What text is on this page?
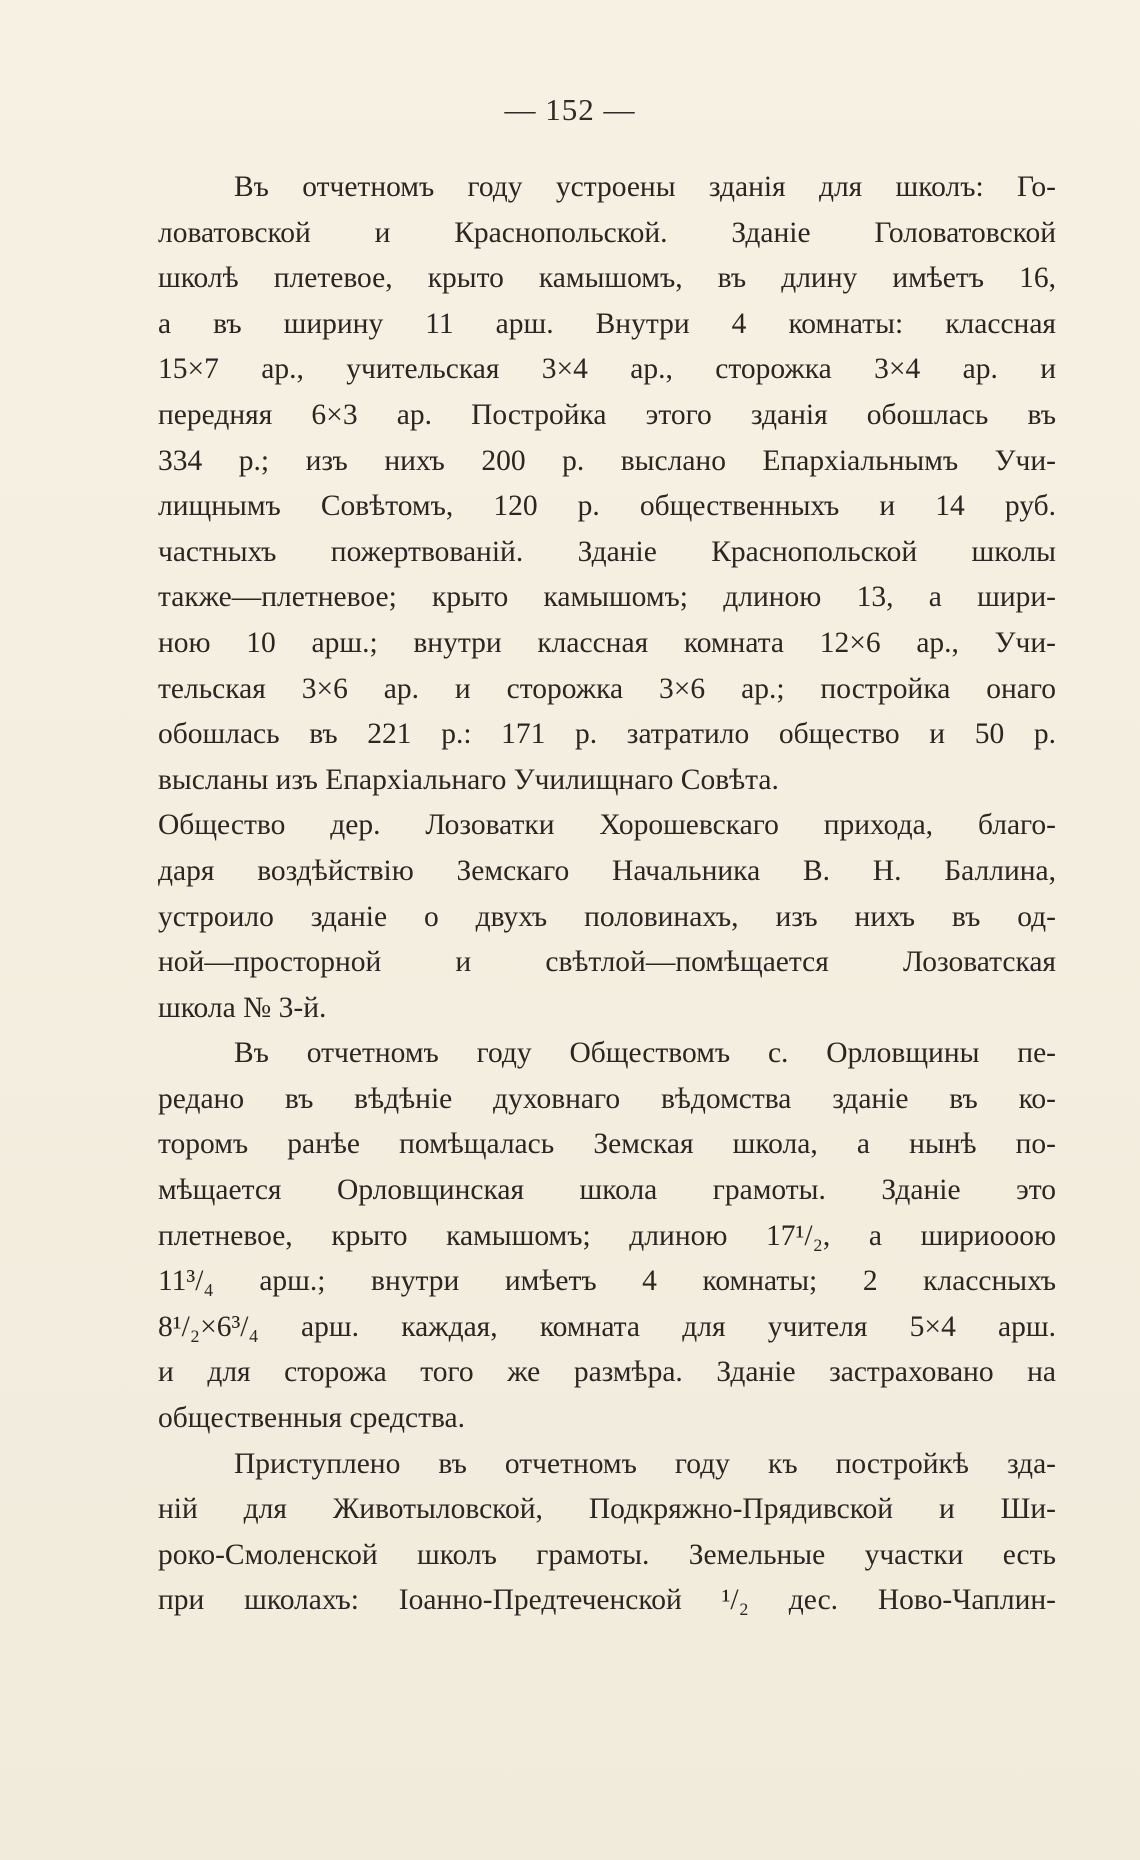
— 152 —
Въ отчетномъ году устроены зданія для школъ: Го-
ловатовской и Краснопольской. Зданіе Головатовской
школѣ плетевое, крыто камышомъ, въ длину имѣетъ 16,
а въ ширину 11 арш. Внутри 4 комнаты: классная
15×7 ар., учительская 3×4 ар., сторожка 3×4 ар. и
передняя 6×3 ар. Постройка этого зданія обошлась въ
334 р.; изъ нихъ 200 р. выслано Епархіальнымъ Учи-
лищнымъ Совѣтомъ, 120 р. общественныхъ и 14 руб.
частныхъ пожертвованій. Зданіе Краснопольской школы
также—плетневое; крыто камышомъ; длиною 13, а шири-
ною 10 арш.; внутри классная комната 12×6 ар., Учи-
тельская 3×6 ар. и сторожка 3×6 ар.; постройка онаго
обошлась въ 221 р.: 171 р. затратило общество и 50 р.
высланы изъ Епархіальнаго Училищнаго Совѣта.
Общество дер. Лозоватки Хорошевскаго прихода, благо-
даря воздѣйствію Земскаго Начальника В. Н. Баллина,
устроило зданіе о двухъ половинахъ, изъ нихъ въ од-
ной—просторной и свѣтлой—помѣщается Лозоватская
школа № 3-й.
Въ отчетномъ году Обществомъ с. Орловщины пе-
редано въ вѣдѣніе духовнаго вѣдомства зданіе въ ко-
торомъ ранѣе помѣщалась Земская школа, а нынѣ по-
мѣщается Орловщинская школа грамоты. Зданіе это
плетневое, крыто камышомъ; длиною 17¹/₂, а шириооою
11³/₄ арш.; внутри имѣетъ 4 комнаты; 2 классныхъ
8¹/₂×6³/₄ арш. каждая, комната для учителя 5×4 арш.
и для сторожа того же размѣра. Зданіе застраховано на
общественныя средства.
Приступлено въ отчетномъ году къ постройкѣ зда-
ній для Животыловской, Подкряжно-Прядивской и Ши-
роко-Смоленской школъ грамоты. Земельные участки есть
при школахъ: Іоанно-Предтеченской ¹/₂ дес. Ново-Чаплин-
